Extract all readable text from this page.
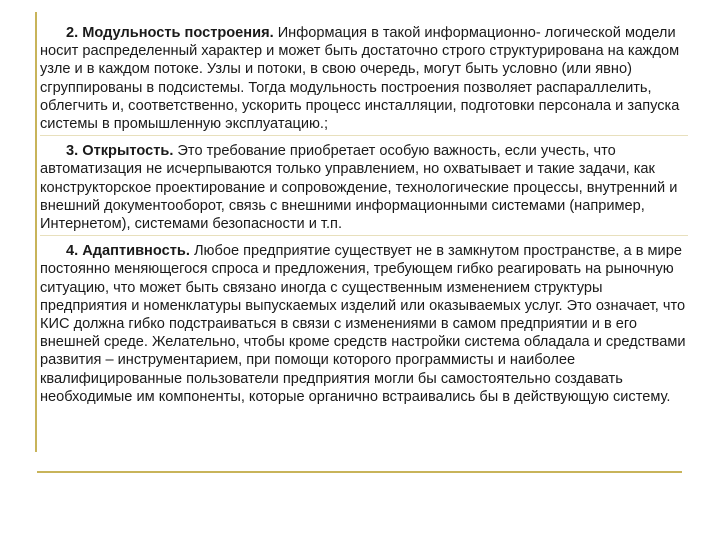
2. Модульность построения. Информация в такой информационно- логической модели носит распределенный характер и может быть достаточно строго структурирована на каждом узле и в каждом потоке. Узлы и потоки, в свою очередь, могут быть условно (или явно) сгруппированы в подсистемы. Тогда модульность построения позволяет распараллелить, облегчить и, соответственно, ускорить процесс инсталляции, подготовки персонала и запуска системы в промышленную эксплуатацию.;

3. Открытость. Это требование приобретает особую важность, если учесть, что автоматизация не исчерпываются только управлением, но охватывает и такие задачи, как конструкторское проектирование и сопровождение, технологические процессы, внутренний и внешний документооборот, связь с внешними информационными системами (например, Интернетом), системами безопасности и т.п.

4. Адаптивность. Любое предприятие существует не в замкнутом пространстве, а в мире постоянно меняющегося спроса и предложения, требующем гибко реагировать на рыночную ситуацию, что может быть связано иногда с существенным изменением структуры предприятия и номенклатуры выпускаемых изделий или оказываемых услуг. Это означает, что КИС должна гибко подстраиваться в связи с изменениями в самом предприятии и в его внешней среде. Желательно, чтобы кроме средств настройки система обладала и средствами развития – инструментарием, при помощи которого программисты и наиболее квалифицированные пользователи предприятия могли бы самостоятельно создавать необходимые им компоненты, которые органично встраивались бы в действующую систему.
